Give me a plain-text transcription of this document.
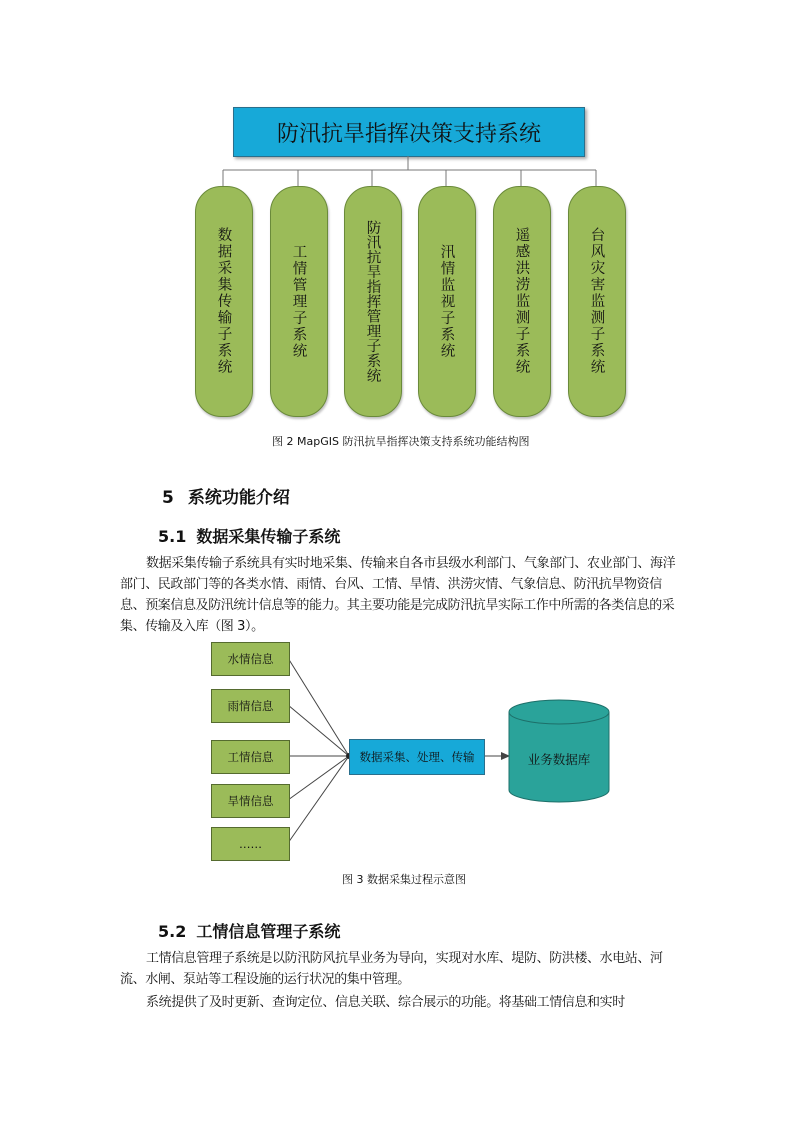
防汛抗旱指挥决策支持系统
数据采集传输子系统	工情管理子系统	防汛抗旱指挥管理子系统	汛情监视子系统	遥感洪涝监测子系统	台风灾害监测子系统
图 2 MapGIS 防汛抗旱指挥决策支持系统功能结构图
5 系统功能介绍
5.1 数据采集传输子系统
数据采集传输子系统具有实时地采集、传输来自各市县级水利部门、气象部门、农业部门、海洋部门、民政部门等的各类水情、雨情、台风、工情、旱情、洪涝灾情、气象信息、防汛抗旱物资信息、预案信息及防汛统计信息等的能力。其主要功能是完成防汛抗旱实际工作中所需的各类信息的采集、传输及入库（图 3）。
水情信息
雨情信息
工情信息
旱情信息
……
数据采集、处理、传输	业务数据库
图 3 数据采集过程示意图
5.2 工情信息管理子系统
工情信息管理子系统是以防汛防风抗旱业务为导向，实现对水库、堤防、防洪楼、水电站、河流、水闸、泵站等工程设施的运行状况的集中管理。
系统提供了及时更新、查询定位、信息关联、综合展示的功能。将基础工情信息和实时
